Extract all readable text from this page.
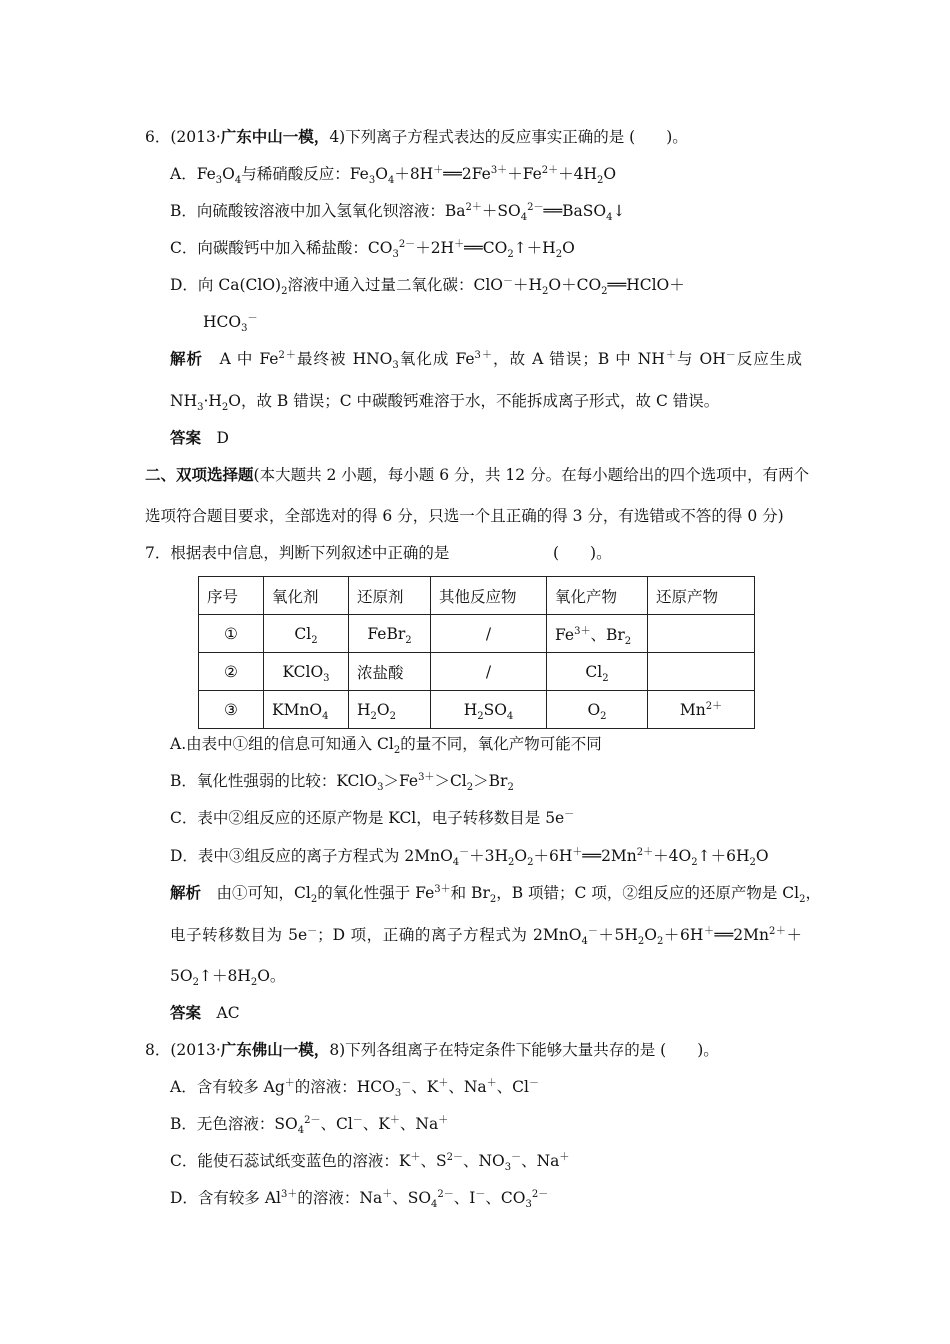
6．(2013·广东中山一模，4)下列离子方程式表达的反应事实正确的是 (　　)。
A．$Fe_3O_4$与稀硝酸反应：$Fe_3O_4+8H^+══2Fe^{3+}+Fe^{2+}+4H_2O$
B．向硫酸铵溶液中加入氢氧化钡溶液：$Ba^{2+}+SO_4^{2-}══BaSO_4↓$
C．向碳酸钙中加入稀盐酸：$CO_3^{2-}+2H^+══CO_2↑+H_2O$
D．向 $Ca(ClO)_2$溶液中通入过量二氧化碳：$ClO^-+H_2O+CO_2══HClO+$
$HCO_3^-$
解析　 A 中 $Fe^{2+}$最终被 $HNO_3$氧化成 $Fe^{3+}$，故 A 错误；B 中 NH＋与 OH－反应生成
$NH_3\cdot H_2O$，故 B 错误；C 中碳酸钙难溶于水，不能拆成离子形式，故 C 错误。
答案　 D
二、双项选择题(本大题共 2 小题，每小题 6 分，共 12 分。在每小题给出的四个选项中，有两个
选项符合题目要求，全部选对的得 6 分，只选一个且正确的得 3 分，有选错或不答的得 0 分)
7．根据表中信息，判断下列叙述中正确的是	(　　)。
序号	氧化剂	还原剂	其他反应物	氧化产物	还原产物
①	$Cl_2$	FeBr$_2$	/	$Fe^{3+}$、$Br_2$	
②	KClO$_3$	浓盐酸	/	$Cl_2$	
③	KMnO$_4$	$H_2O_2$	$H_2SO_4$	$O_2$	$Mn^{2+}$
A.由表中①组的信息可知通入 $Cl_2$的量不同，氧化产物可能不同
B．氧化性强弱的比较：$KClO_3>Fe^{3+}>Cl_2>Br_2$
C．表中②组反应的还原产物是 KCl，电子转移数目是 5e－
D．表中③组反应的离子方程式为 $2MnO_4^-+3H_2O_2+6H^+══2Mn^{2+}+4O_2↑+6H_2O$
解析　 由①可知，$Cl_2$的氧化性强于 $Fe^{3+}$和 $Br_2$，B 项错；C 项，②组反应的还原产物是 $Cl_2$，
电子转移数目为 5e－；D 项，正确的离子方程式为 $2MnO_4^-+5H_2O_2+6H^+══2Mn^{2+}+$
$5O_2↑+8H_2O$。
答案　 AC
8．(2013·广东佛山一模，8)下列各组离子在特定条件下能够大量共存的是 (　　)。
A．含有较多 Ag＋的溶液：$HCO_3^-$、K＋、Na＋、Cl－
B．无色溶液：$SO_4^{2-}$、Cl－、K＋、Na＋
C．能使石蕊试纸变蓝色的溶液：K＋、$S^{2-}$、$NO_3^-$、Na＋
D．含有较多 $Al^{3+}$的溶液：Na＋、$SO_4^{2-}$、I－、$CO_3^{2-}$
